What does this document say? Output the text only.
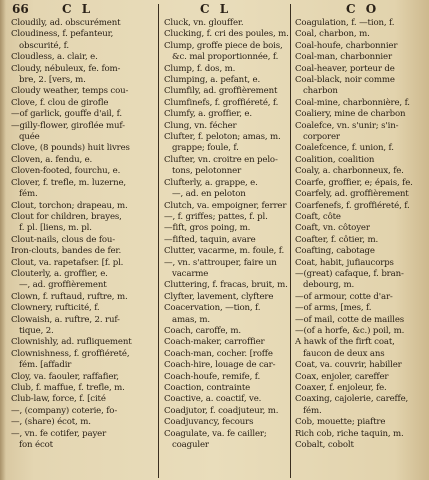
66	C L	C L	C O
Cloudily, ad. obscurément
Cloudiness, f. pefanteur,
obscurité, f.
Cloudless, a. clair, e.
Cloudy, nébuleux, fe. fom-
bre, 2. [vers, m.
Cloudy weather, temps cou-
Clove, f. clou de girofle
—of garlick, gouffe d'ail, f.
—gilly-flower, giroflée muf-
quée
Clove, (8 pounds) huit livres
Cloven, a. fendu, e.
Cloven-footed, fourchu, e.
Clover, f. trefle, m. luzerne,
fém.
Clout, torchon; drapeau, m.
Clout for children, brayes,
f. pl. [liens, m. pl.
Clout-nails, clous de fou-
Iron-clouts, bandes de fer.
Clout, va. rapetafser. [f. pl.
Clouterly, a. groffier, e.
—, ad. groffièrement
Clown, f. ruftaud, ruftre, m.
Clownery, rufticité, f.
Clowaish, a. ruftre, 2. ruf-
tique, 2.
Clownishly, ad. rufliquement
Clownishness, f. groffiéreté,
fém. [affadir
Cloy, va. faouler, raffafier,
Club, f. maffue, f. trefle, m.
Club-law, force, f. [cité
—, (company) coterie, fo-
—, (share) écot, m.
—, vn. fe cotifer, payer
fon écot
Cluck, vn. glouffer.
Clucking, f. cri des poules, m.
Clump, groffe piece de bois,
&c. mal proportionnée, f.
Clump, f. dos, m.
Clumping, a. pefant, e.
Clumfily, ad. groffièrement
Clumfinefs, f. groffiéreté, f.
Clumfy, a. groffier, e.
Clung, vn. fécher
Clufter, f. peloton; amas, m.
grappe; foule, f.
Clufter, vn. croitre en pelo-
tons, pelotonner
Clufterly, a. grappe, e.
—, ad. en peloton
Clutch, va. empoigner, ferrer
—, f. griffes; pattes, f. pl.
—fift, gros poing, m.
—fifted, taquin, avare
Clutter, vacarme, m. foule, f.
—, vn. s'attrouper, faire un
vacarme
Cluttering, f. fracas, bruit, m.
Clyfter, lavement, clyftere
Coacervation, —tion, f.
amas, m.
Coach, caroffe, m.
Coach-maker, carroffier
Coach-man, cocher. [roffe
Coach-hire, louage de car-
Coach-houfe, remife, f.
Coaction, contrainte
Coactive, a. coactif, ve.
Coadjutor, f. coadjuteur, m.
Coadjuvancy, fecours
Coagulate, va. fe cailler;
coaguler
Coagulation, f. —tion, f.
Coal, charbon, m.
Coal-houfe, charbonnier
Coal-man, charbonnier
Coal-heaver, porteur de
Coal-black, noir comme
charbon
Coal-mine, charbonnière, f.
Coaliery, mine de charbon
Coalefce, vn. s'unir; s'in-
corporer
Coalefcence, f. union, f.
Coalition, coalition
Coaly, a. charbonneux, fe.
Coarfe, groffier, e; épais, fe.
Coarfely, ad. groffièrement
Coarfenefs, f. groffiéreté, f.
Coaft, côte
Coaft, vn. côtoyer
Coafter, f. côtier, m.
Coafting, cabotage
Coat, habit, jufiaucorps
—(great) cafaque, f. bran-
debourg, m.
—of armour, cotte d'ar-
—of arms, [mes, f.
—of mail, cotte de mailles
—(of a horfe, &c.) poil, m.
A hawk of the firft coat,
faucon de deux ans
Coat, va. couvrir, habiller
Coax, enjoler, careffer
Coaxer, f. enjoleur, fe.
Coaxing, cajolerie, careffe,
fém.
Cob, mouette; piaftre
Rich cob, riche taquin, m.
Cobalt, cobolt
